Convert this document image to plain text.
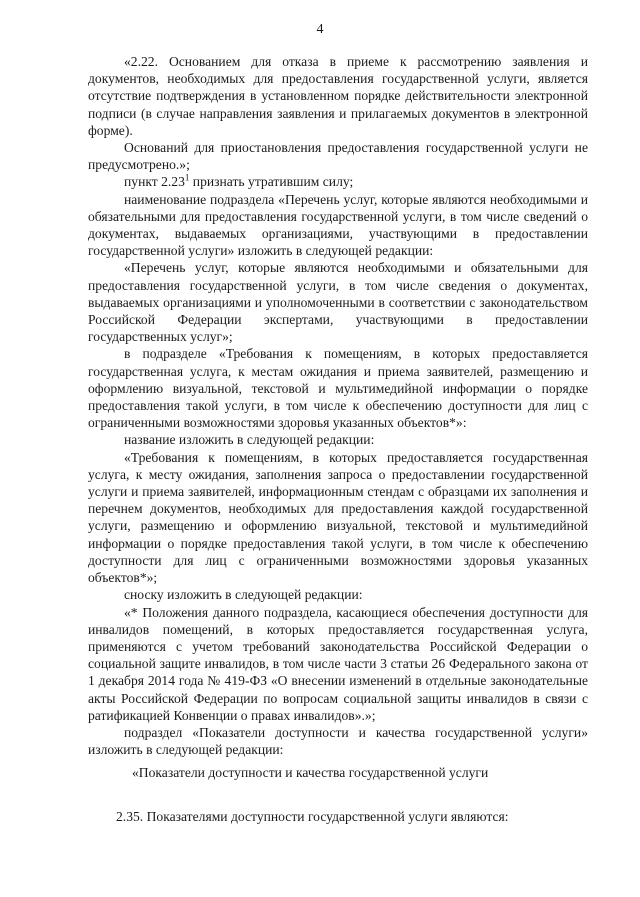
4

«2.22. Основанием для отказа в приеме к рассмотрению заявления и документов, необходимых для предоставления государственной услуги, является отсутствие подтверждения в установленном порядке действительности электронной подписи (в случае направления заявления и прилагаемых документов в электронной форме).

Оснований для приостановления предоставления государственной услуги не предусмотрено.»;

пункт 2.23$^1$ признать утратившим силу;

наименование подраздела «Перечень услуг, которые являются необходимыми и обязательными для предоставления государственной услуги, в том числе сведений о документах, выдаваемых организациями, участвующими в предоставлении государственной услуги» изложить в следующей редакции:

«Перечень услуг, которые являются необходимыми и обязательными для предоставления государственной услуги, в том числе сведения о документах, выдаваемых организациями и уполномоченными в соответствии с законодательством Российской Федерации экспертами, участвующими в предоставлении государственных услуг»;

в подразделе «Требования к помещениям, в которых предоставляется государственная услуга, к местам ожидания и приема заявителей, размещению и оформлению визуальной, текстовой и мультимедийной информации о порядке предоставления такой услуги, в том числе к обеспечению доступности для лиц с ограниченными возможностями здоровья указанных объектов*»:

название изложить в следующей редакции:

«Требования к помещениям, в которых предоставляется государственная услуга, к месту ожидания, заполнения запроса о предоставлении государственной услуги и приема заявителей, информационным стендам с образцами их заполнения и перечнем документов, необходимых для предоставления каждой государственной услуги, размещению и оформлению визуальной, текстовой и мультимедийной информации о порядке предоставления такой услуги, в том числе к обеспечению доступности для лиц с ограниченными возможностями здоровья указанных объектов*»;

сноску изложить в следующей редакции:

«* Положения данного подраздела, касающиеся обеспечения доступности для инвалидов помещений, в которых предоставляется государственная услуга, применяются с учетом требований законодательства Российской Федерации о социальной защите инвалидов, в том числе части 3 статьи 26 Федерального закона от 1 декабря 2014 года № 419-ФЗ «О внесении изменений в отдельные законодательные акты Российской Федерации по вопросам социальной защиты инвалидов в связи с ратификацией Конвенции о правах инвалидов».»;

подраздел «Показатели доступности и качества государственной услуги» изложить в следующей редакции:

«Показатели доступности и качества государственной услуги

2.35. Показателями доступности государственной услуги являются:
